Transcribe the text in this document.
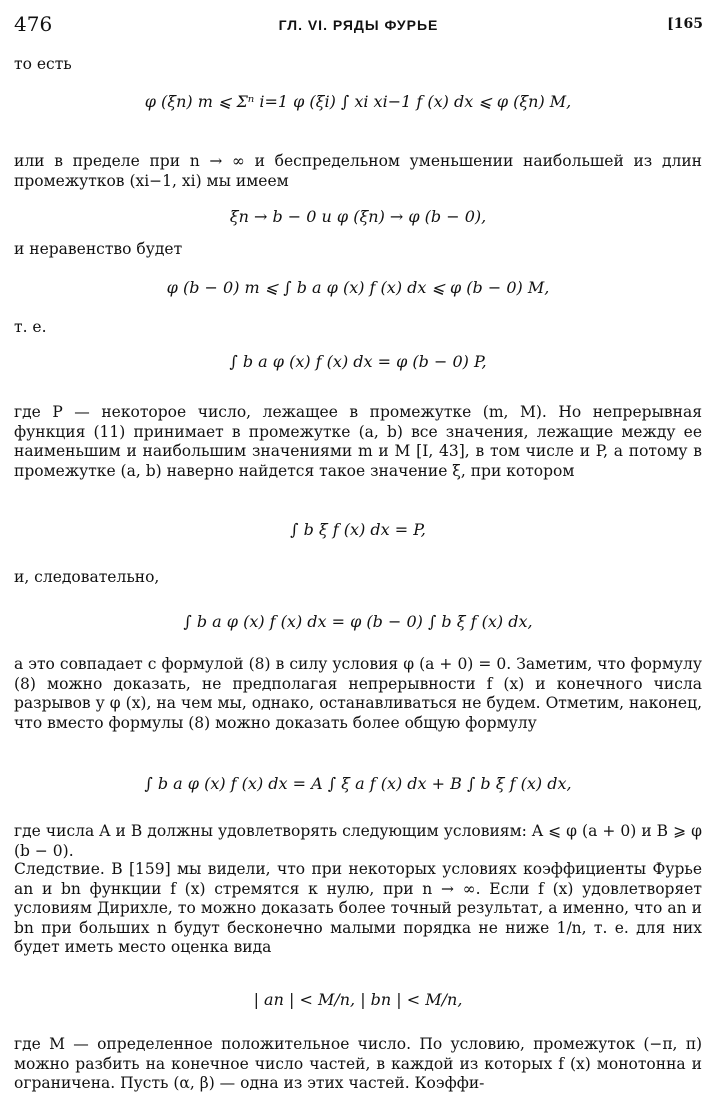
476	ГЛ. VI. РЯДЫ ФУРЬЕ	[165
то есть
φ (ξn) m ⩽ Σⁿ i=1 φ (ξi) ∫ xi xi−1 f (x) dx ⩽ φ (ξn) M,
или в пределе при n → ∞ и беспредельном уменьшении наибольшей из длин промежутков (xi−1, xi) мы имеем
ξn → b − 0 и φ (ξn) → φ (b − 0),
и неравенство будет
φ (b − 0) m ⩽ ∫ b a φ (x) f (x) dx ⩽ φ (b − 0) M,
т. е.
∫ b a φ (x) f (x) dx = φ (b − 0) P,
где P — некоторое число, лежащее в промежутке (m, M). Но непрерывная функция (11) принимает в промежутке (a, b) все значения, лежащие между ее наименьшим и наибольшим значениями m и M [I, 43], в том числе и P, а потому в промежутке (a, b) наверно найдется такое значение ξ, при котором
∫ b ξ f (x) dx = P,
и, следовательно,
∫ b a φ (x) f (x) dx = φ (b − 0) ∫ b ξ f (x) dx,
а это совпадает с формулой (8) в силу условия φ (a + 0) = 0. Заметим, что формулу (8) можно доказать, не предполагая непрерывности f (x) и конечного числа разрывов у φ (x), на чем мы, однако, останавливаться не будем. Отметим, наконец, что вместо формулы (8) можно доказать более общую формулу
∫ b a φ (x) f (x) dx = A ∫ ξ a f (x) dx + B ∫ b ξ f (x) dx,
где числа A и B должны удовлетворять следующим условиям: A ⩽ φ (a + 0) и B ⩾ φ (b − 0).
Следствие. В [159] мы видели, что при некоторых условиях коэффициенты Фурье an и bn функции f (x) стремятся к нулю, при n → ∞. Если f (x) удовлетворяет условиям Дирихле, то можно доказать более точный результат, а именно, что an и bn при больших n будут бесконечно малыми порядка не ниже 1/n, т. е. для них будет иметь место оценка вида
| an | < M/n, | bn | < M/n,
где M — определенное положительное число. По условию, промежуток (−π, π) можно разбить на конечное число частей, в каждой из которых f (x) монотонна и ограничена. Пусть (α, β) — одна из этих частей. Коэффи-
